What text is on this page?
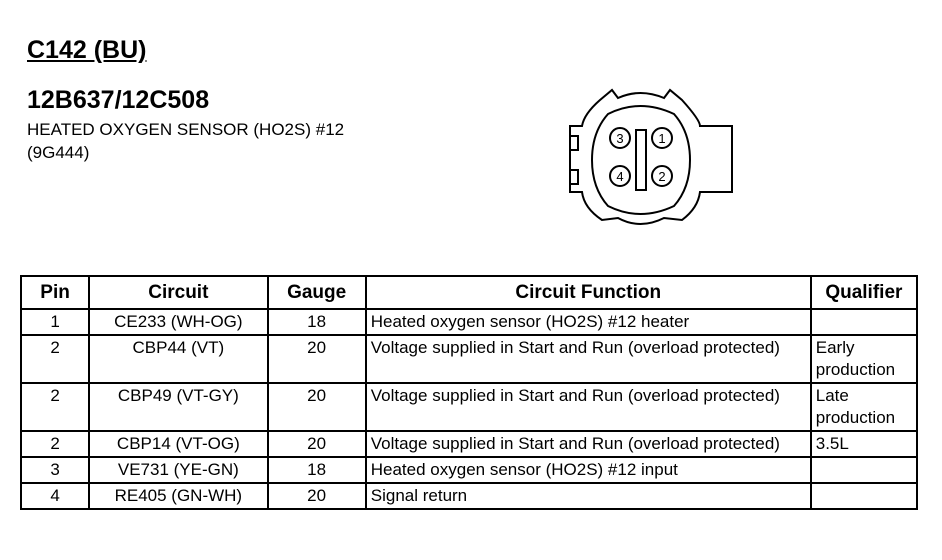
C142 (BU)
12B637/12C508
HEATED OXYGEN SENSOR (HO2S) #12
(9G444)
3	1
4	2
Pin	Circuit	Gauge	Circuit Function	Qualifier
1	CE233 (WH-OG)	18	Heated oxygen sensor (HO2S) #12 heater	
2	CBP44 (VT)	20	Voltage supplied in Start and Run (overload protected)	Early production
2	CBP49 (VT-GY)	20	Voltage supplied in Start and Run (overload protected)	Late production
2	CBP14 (VT-OG)	20	Voltage supplied in Start and Run (overload protected)	3.5L
3	VE731 (YE-GN)	18	Heated oxygen sensor (HO2S) #12 input	
4	RE405 (GN-WH)	20	Signal return	
